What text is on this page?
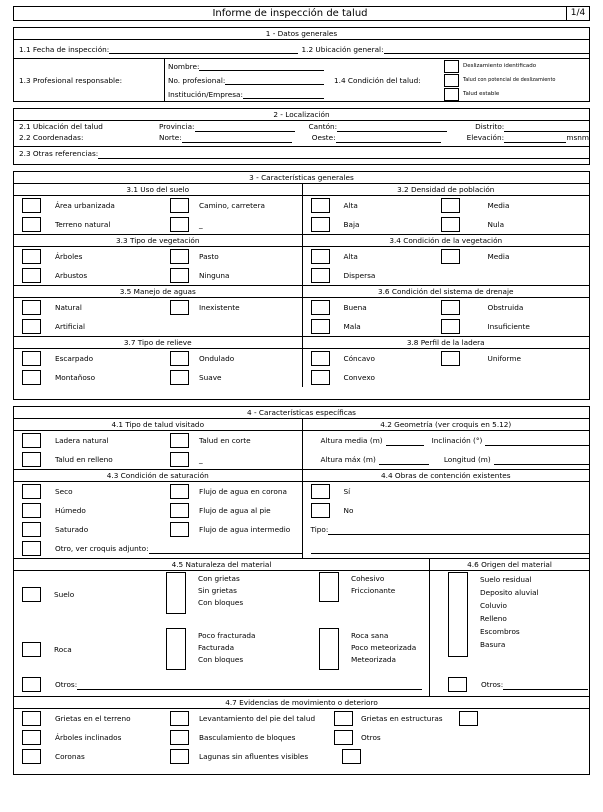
Informe de inspección de talud	1/4
1 - Datos generales
1.1 Fecha de inspección:	1.2 Ubicación general:
1.3 Profesional responsable:
Nombre:
No. profesional:
Institución/Empresa:
1.4 Condición del talud:
Deslizamiento identificado
Talud con potencial de deslizamiento
Talud estable
2 - Localización
2.1 Ubicación del talud	Provincia:	Cantón:	Distrito:
2.2 Coordenadas:	Norte:	Oeste:	Elevación:	msnm
2.3 Otras referencias:
3 - Características generales
3.1 Uso del suelo
Área urbanizada	Camino, carretera
Terreno natural	_
3.2 Densidad de población
Alta	Media
Baja	Nula
3.3 Tipo de vegetación
Árboles	Pasto
Arbustos	Ninguna
3.4 Condición de la vegetación
Alta	Media
Dispersa
3.5 Manejo de aguas
Natural	Inexistente
Artificial
3.6 Condición del sistema de drenaje
Buena	Obstruida
Mala	Insuficiente
3.7 Tipo de relieve
Escarpado	Ondulado
Montañoso	Suave
3.8 Perfil de la ladera
Cóncavo	Uniforme
Convexo
4 - Características específicas
4.1 Tipo de talud visitado
Ladera natural	Talud en corte
Talud en relleno	_
4.2 Geometría (ver croquis en 5.12)
Altura media (m)	Inclinación (°)
Altura máx (m)	Longitud (m)
4.3 Condición de saturación
Seco	Flujo de agua en corona
Húmedo	Flujo de agua al pie
Saturado	Flujo de agua intermedio
Otro, ver croquis adjunto:
4.4 Obras de contención existentes
Sí
No
Tipo:
4.5 Naturaleza del material
Suelo
Con grietas
Sin grietas
Con bloques
Cohesivo
Friccionante
Roca
Poco fracturada
Facturada
Con bloques
Roca sana
Poco meteorizada
Meteorizada
Otros:
4.6 Origen del material
Suelo residual
Deposito aluvial
Coluvio
Relleno
Escombros
Basura
Otros:
4.7 Evidencias de movimiento o deterioro
Grietas en el terreno	Levantamiento del pie del talud	Grietas en estructuras
Árboles inclinados	Basculamiento de bloques	Otros
Coronas	Lagunas sin afluentes visibles
